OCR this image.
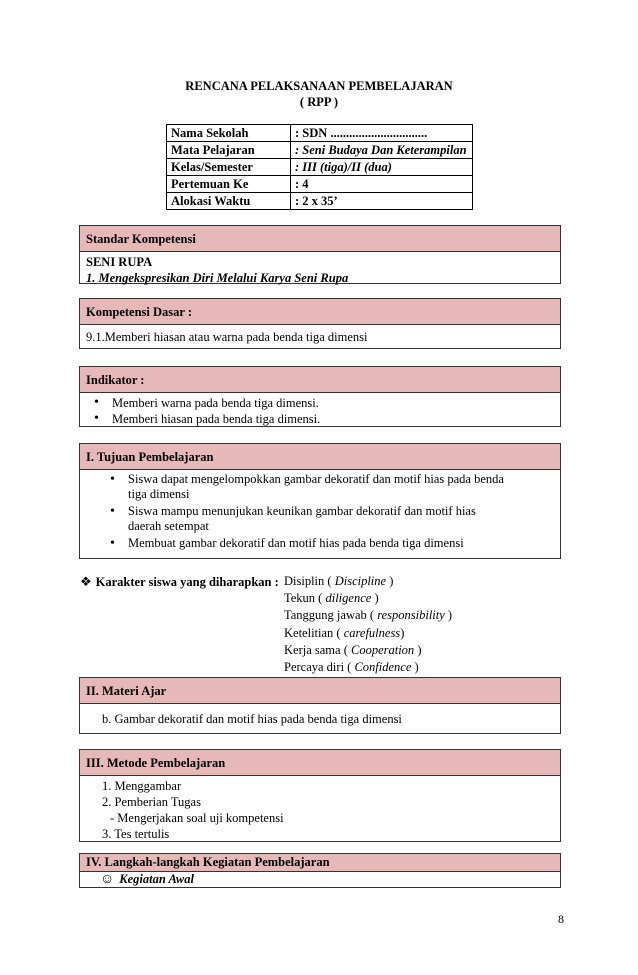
RENCANA PELAKSANAAN PEMBELAJARAN
( RPP )
Nama Sekolah	: SDN ...............................
Mata Pelajaran	: Seni Budaya Dan Keterampilan
Kelas/Semester	: III (tiga)/II (dua)
Pertemuan Ke	: 4
Alokasi Waktu	: 2 x 35’
Standar Kompetensi
SENI RUPA
1. Mengekspresikan Diri Melalui Karya Seni Rupa
Kompetensi Dasar :
9.1.Memberi hiasan atau warna pada benda tiga dimensi
Indikator :
• Memberi warna pada benda tiga dimensi.
• Memberi hiasan pada benda tiga dimensi.
I. Tujuan Pembelajaran
• Siswa dapat mengelompokkan gambar dekoratif dan motif hias pada benda tiga dimensi
• Siswa mampu menunjukan keunikan gambar dekoratif dan motif hias daerah setempat
• Membuat gambar dekoratif dan motif hias pada benda tiga dimensi
❖ Karakter siswa yang diharapkan : Disiplin ( Discipline )
Tekun ( diligence )
Tanggung jawab ( responsibility )
Ketelitian ( carefulness)
Kerja sama ( Cooperation )
Percaya diri ( Confidence )
II. Materi Ajar
b. Gambar dekoratif dan motif hias pada benda tiga dimensi
III. Metode Pembelajaran
1. Menggambar
2. Pemberian Tugas
- Mengerjakan soal uji kompetensi
3. Tes tertulis
IV. Langkah-langkah Kegiatan Pembelajaran
☺ Kegiatan Awal
8
